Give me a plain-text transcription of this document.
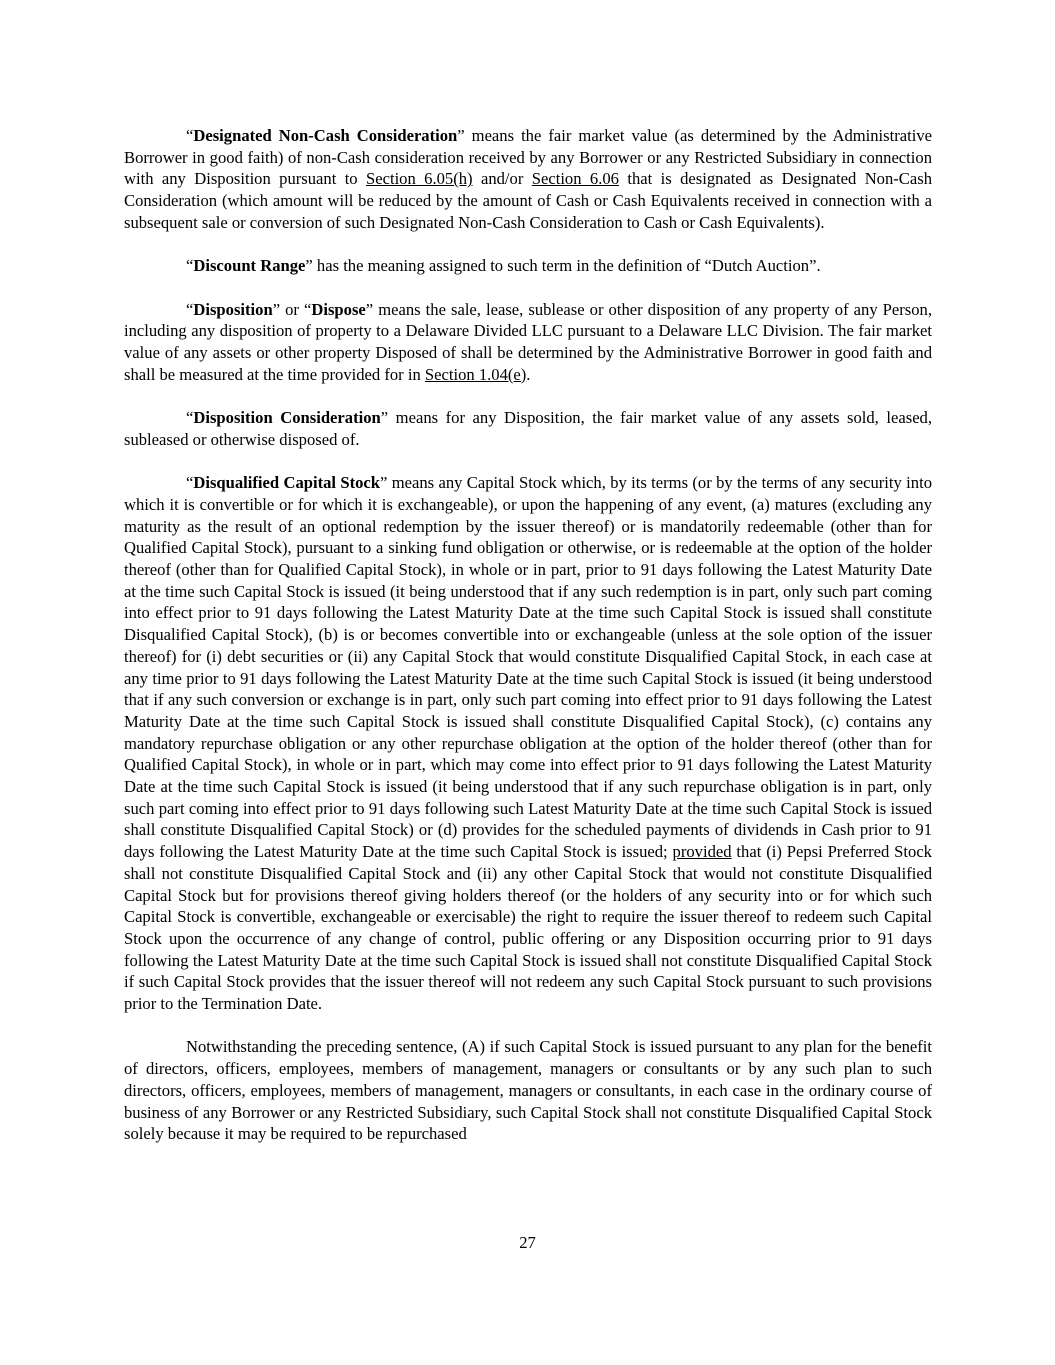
“Designated Non-Cash Consideration” means the fair market value (as determined by the Administrative Borrower in good faith) of non-Cash consideration received by any Borrower or any Restricted Subsidiary in connection with any Disposition pursuant to Section 6.05(h) and/or Section 6.06 that is designated as Designated Non-Cash Consideration (which amount will be reduced by the amount of Cash or Cash Equivalents received in connection with a subsequent sale or conversion of such Designated Non-Cash Consideration to Cash or Cash Equivalents).

“Discount Range” has the meaning assigned to such term in the definition of “Dutch Auction”.

“Disposition” or “Dispose” means the sale, lease, sublease or other disposition of any property of any Person, including any disposition of property to a Delaware Divided LLC pursuant to a Delaware LLC Division. The fair market value of any assets or other property Disposed of shall be determined by the Administrative Borrower in good faith and shall be measured at the time provided for in Section 1.04(e).

“Disposition Consideration” means for any Disposition, the fair market value of any assets sold, leased, subleased or otherwise disposed of.

“Disqualified Capital Stock” means any Capital Stock which, by its terms (or by the terms of any security into which it is convertible or for which it is exchangeable), or upon the happening of any event, (a) matures (excluding any maturity as the result of an optional redemption by the issuer thereof) or is mandatorily redeemable (other than for Qualified Capital Stock), pursuant to a sinking fund obligation or otherwise, or is redeemable at the option of the holder thereof (other than for Qualified Capital Stock), in whole or in part, prior to 91 days following the Latest Maturity Date at the time such Capital Stock is issued (it being understood that if any such redemption is in part, only such part coming into effect prior to 91 days following the Latest Maturity Date at the time such Capital Stock is issued shall constitute Disqualified Capital Stock), (b) is or becomes convertible into or exchangeable (unless at the sole option of the issuer thereof) for (i) debt securities or (ii) any Capital Stock that would constitute Disqualified Capital Stock, in each case at any time prior to 91 days following the Latest Maturity Date at the time such Capital Stock is issued (it being understood that if any such conversion or exchange is in part, only such part coming into effect prior to 91 days following the Latest Maturity Date at the time such Capital Stock is issued shall constitute Disqualified Capital Stock), (c) contains any mandatory repurchase obligation or any other repurchase obligation at the option of the holder thereof (other than for Qualified Capital Stock), in whole or in part, which may come into effect prior to 91 days following the Latest Maturity Date at the time such Capital Stock is issued (it being understood that if any such repurchase obligation is in part, only such part coming into effect prior to 91 days following such Latest Maturity Date at the time such Capital Stock is issued shall constitute Disqualified Capital Stock) or (d) provides for the scheduled payments of dividends in Cash prior to 91 days following the Latest Maturity Date at the time such Capital Stock is issued; provided that (i) Pepsi Preferred Stock shall not constitute Disqualified Capital Stock and (ii) any other Capital Stock that would not constitute Disqualified Capital Stock but for provisions thereof giving holders thereof (or the holders of any security into or for which such Capital Stock is convertible, exchangeable or exercisable) the right to require the issuer thereof to redeem such Capital Stock upon the occurrence of any change of control, public offering or any Disposition occurring prior to 91 days following the Latest Maturity Date at the time such Capital Stock is issued shall not constitute Disqualified Capital Stock if such Capital Stock provides that the issuer thereof will not redeem any such Capital Stock pursuant to such provisions prior to the Termination Date.

Notwithstanding the preceding sentence, (A) if such Capital Stock is issued pursuant to any plan for the benefit of directors, officers, employees, members of management, managers or consultants or by any such plan to such directors, officers, employees, members of management, managers or consultants, in each case in the ordinary course of business of any Borrower or any Restricted Subsidiary, such Capital Stock shall not constitute Disqualified Capital Stock solely because it may be required to be repurchased

27
